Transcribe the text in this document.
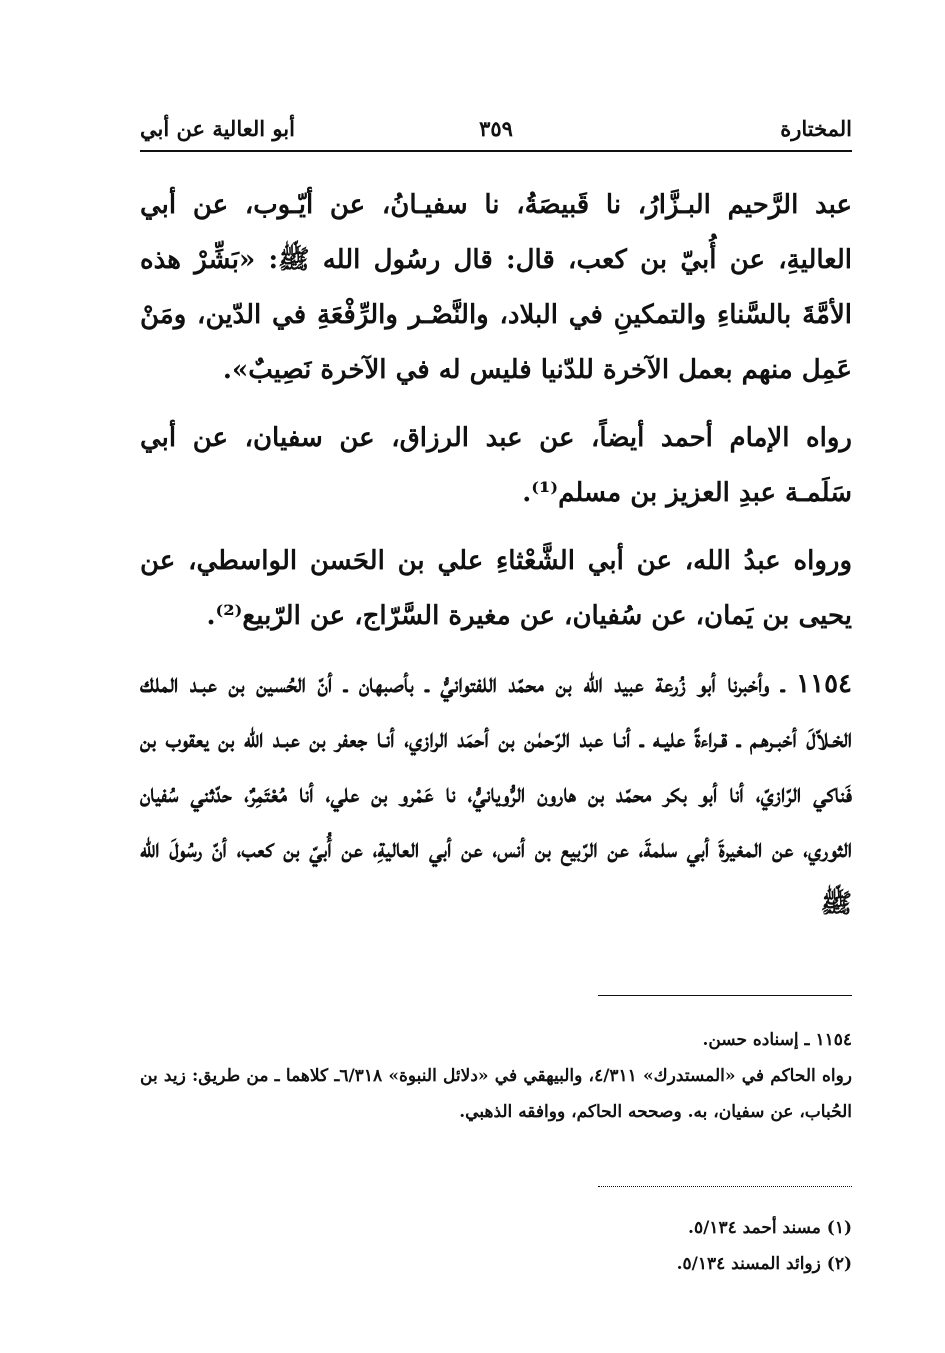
أبو العالية عن أبي	٣٥٩	المختارة

عبد الرَّحيم البـزَّارُ، نا قَبيصَةُ، نا سفيـانُ، عن أيّـوب، عن أبي العاليةِ، عن أُبيّ بن كعب، قال: قال رسُول الله ﷺ: «بَشِّرْ هذه الأمَّةَ بالسَّناءِ والتمكينِ في البلاد، والنَّصْـر والرِّفْعَةِ في الدّين، ومَنْ عَمِل منهم بعمل الآخرة للدّنيا فليس له في الآخرة نَصِيبٌ».

رواه الإمام أحمد أيضاً، عن عبد الرزاق، عن سفيان، عن أبي سَلَمـة عبدِ العزيز بن مسلم⁽¹⁾.

ورواه عبدُ الله، عن أبي الشَّعْثاءِ علي بن الحَسن الواسطي، عن يحيى بن يَمان، عن سُفيان، عن مغيرة السَّرّاج، عن الرّبيع⁽²⁾.

١١٥٤ ـ وأخبرنا أبو زُرعة عبيد الله بن محمّد اللفتوانيُّ ـ بأصبهان ـ أنّ الحُسين بن عبـد الملك الخـلاّلَ أخبـرهـم ـ قـراءةً عليـه ـ أنـا عبد الرّحمٰن بن أحمَد الرازي، أنـا جعفر بن عبـد الله بن يعقوب بن فَناكي الرّازيّ، أنا أبو بكر محمّد بن هارون الرُّويانيُّ، نا عَمْرو بن علي، أنا مُعْتَمِرٌ، حدّثني سُفيان الثوري، عن المغيرةَ أبي سلمةَ، عن الرّبيع بن أنس، عن أبي العاليةِ، عن أُبيّ بن كعب، أنّ رسُولَ الله ﷺ

١١٥٤ ـ إسناده حسن.

رواه الحاكم في «المستدرك» ٤/٣١١، والبيهقي في «دلائل النبوة» ٦/٣١٨ـ كلاهما ـ من طريق: زيد بن الحُباب، عن سفيان، به. وصححه الحاكم، ووافقه الذهبي.

(١) مسند أحمد ٥/١٣٤.
(٢) زوائد المسند ٥/١٣٤.
